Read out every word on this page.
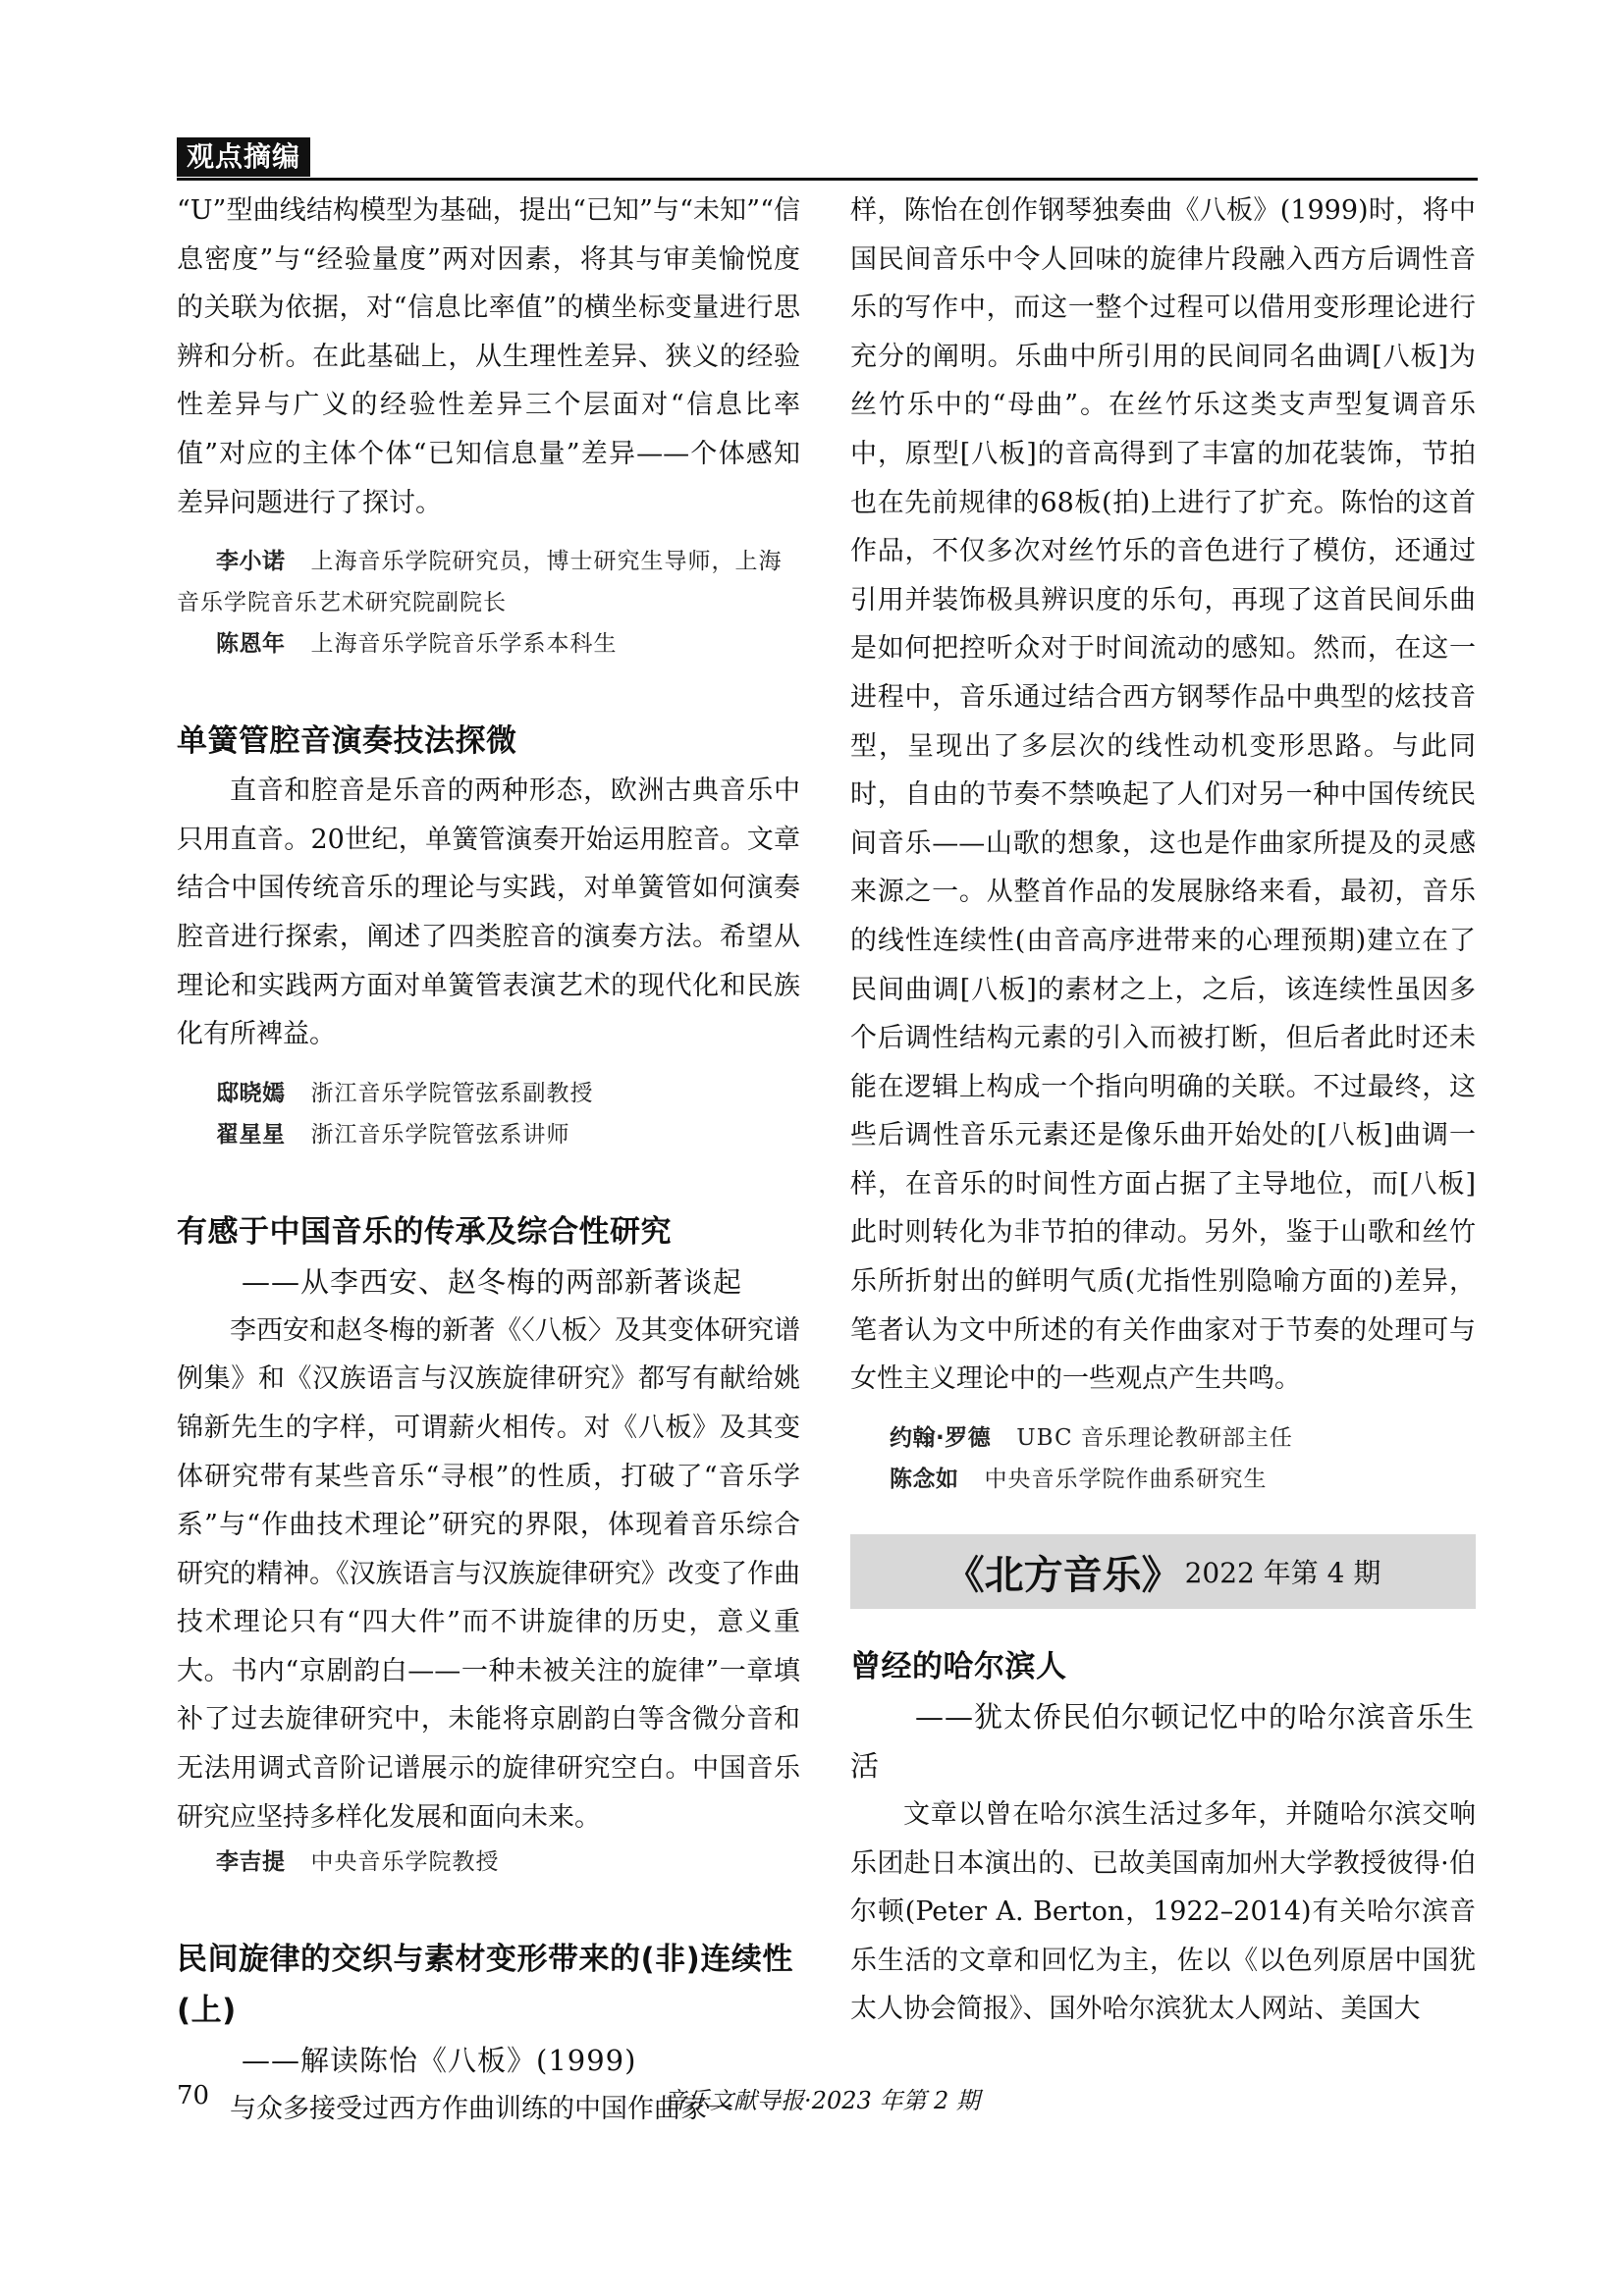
观点摘编

“U”型曲线结构模型为基础，提出“已知”与“未知”“信息密度”与“经验量度”两对因素，将其与审美愉悦度的关联为依据，对“信息比率值”的横坐标变量进行思辨和分析。在此基础上，从生理性差异、狭义的经验性差异与广义的经验性差异三个层面对“信息比率值”对应的主体个体“已知信息量”差异——个体感知差异问题进行了探讨。

李小诺 上海音乐学院研究员，博士研究生导师，上海音乐学院音乐艺术研究院副院长
陈恩年 上海音乐学院音乐学系本科生
单簧管腔音演奏技法探微

直音和腔音是乐音的两种形态，欧洲古典音乐中只用直音。20世纪，单簧管演奏开始运用腔音。文章结合中国传统音乐的理论与实践，对单簧管如何演奏腔音进行探索，阐述了四类腔音的演奏方法。希望从理论和实践两方面对单簧管表演艺术的现代化和民族化有所裨益。

邸晓嫣 浙江音乐学院管弦系副教授
翟星星 浙江音乐学院管弦系讲师
有感于中国音乐的传承及综合性研究
——从李西安、赵冬梅的两部新著谈起

李西安和赵冬梅的新著《〈八板〉及其变体研究谱例集》和《汉族语言与汉族旋律研究》都写有献给姚锦新先生的字样，可谓薪火相传。对《八板》及其变体研究带有某些音乐“寻根”的性质，打破了“音乐学系”与“作曲技术理论”研究的界限，体现着音乐综合研究的精神。《汉族语言与汉族旋律研究》改变了作曲技术理论只有“四大件”而不讲旋律的历史，意义重大。书内“京剧韵白——一种未被关注的旋律”一章填补了过去旋律研究中，未能将京剧韵白等含微分音和无法用调式音阶记谱展示的旋律研究空白。中国音乐研究应坚持多样化发展和面向未来。

李吉提 中央音乐学院教授
民间旋律的交织与素材变形带来的(非)连续性(上)
——解读陈怡《八板》(1999)

与众多接受过西方作曲训练的中国作曲家一

样，陈怡在创作钢琴独奏曲《八板》(1999)时，将中国民间音乐中令人回味的旋律片段融入西方后调性音乐的写作中，而这一整个过程可以借用变形理论进行充分的阐明。乐曲中所引用的民间同名曲调[八板]为丝竹乐中的“母曲”。在丝竹乐这类支声型复调音乐中，原型[八板]的音高得到了丰富的加花装饰，节拍也在先前规律的68板(拍)上进行了扩充。陈怡的这首作品，不仅多次对丝竹乐的音色进行了模仿，还通过引用并装饰极具辨识度的乐句，再现了这首民间乐曲是如何把控听众对于时间流动的感知。然而，在这一进程中，音乐通过结合西方钢琴作品中典型的炫技音型，呈现出了多层次的线性动机变形思路。与此同时，自由的节奏不禁唤起了人们对另一种中国传统民间音乐——山歌的想象，这也是作曲家所提及的灵感来源之一。从整首作品的发展脉络来看，最初，音乐的线性连续性(由音高序进带来的心理预期)建立在了民间曲调[八板]的素材之上，之后，该连续性虽因多个后调性结构元素的引入而被打断，但后者此时还未能在逻辑上构成一个指向明确的关联。不过最终，这些后调性音乐元素还是像乐曲开始处的[八板]曲调一样，在音乐的时间性方面占据了主导地位，而[八板]此时则转化为非节拍的律动。另外，鉴于山歌和丝竹乐所折射出的鲜明气质(尤指性别隐喻方面的)差异，笔者认为文中所述的有关作曲家对于节奏的处理可与女性主义理论中的一些观点产生共鸣。

约翰·罗德 UBC 音乐理论教研部主任
陈念如 中央音乐学院作曲系研究生
《北方音乐》 2022 年第 4 期
曾经的哈尔滨人
——犹太侨民伯尔顿记忆中的哈尔滨音乐生活

文章以曾在哈尔滨生活过多年，并随哈尔滨交响乐团赴日本演出的、已故美国南加州大学教授彼得·伯尔顿(Peter A. Berton，1922–2014)有关哈尔滨音乐生活的文章和回忆为主，佐以《以色列原居中国犹太人协会简报》、国外哈尔滨犹太人网站、美国大

70	音乐文献导报·2023 年第 2 期
